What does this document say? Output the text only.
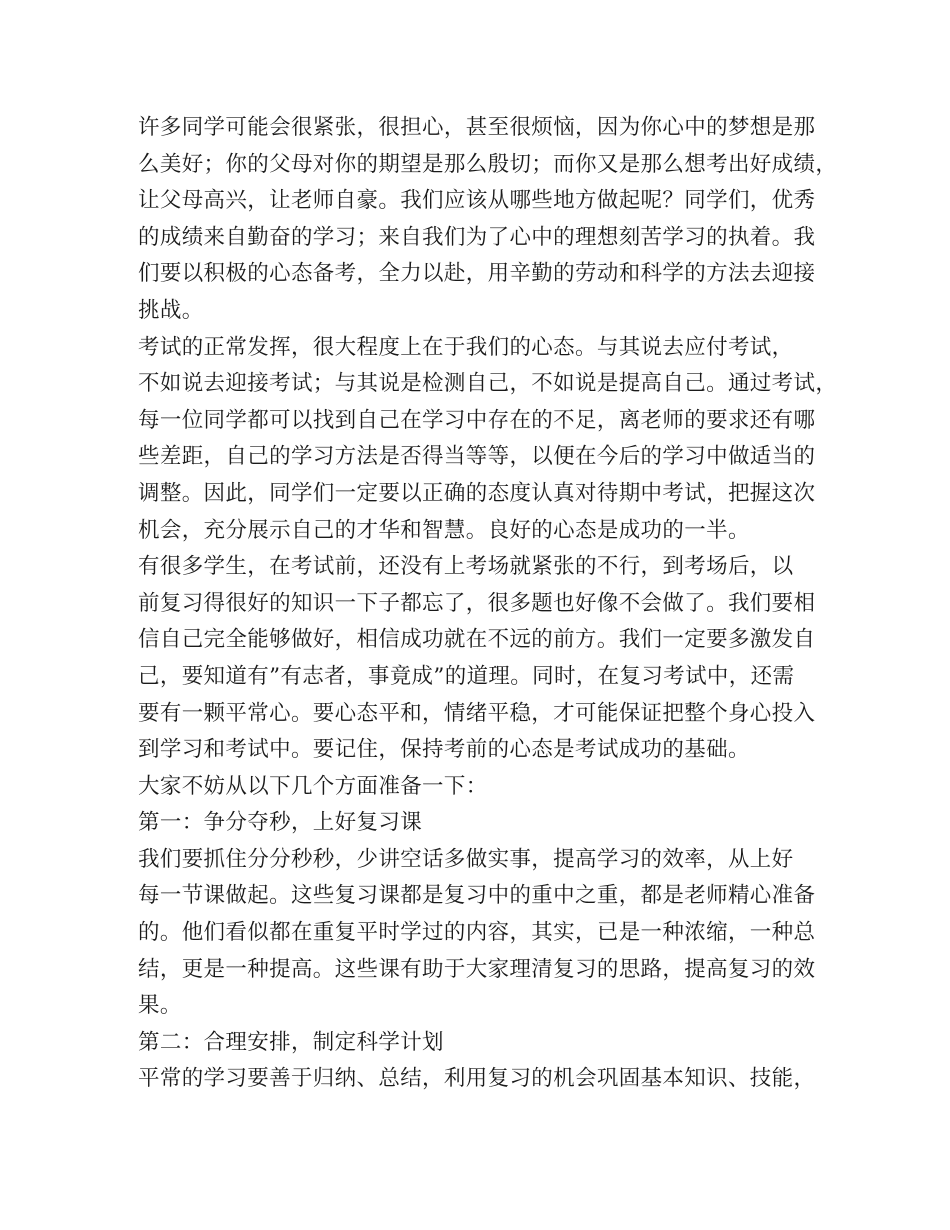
许多同学可能会很紧张，很担心，甚至很烦恼，因为你心中的梦想是那
么美好；你的父母对你的期望是那么殷切；而你又是那么想考出好成绩，
让父母高兴，让老师自豪。我们应该从哪些地方做起呢？同学们，优秀
的成绩来自勤奋的学习；来自我们为了心中的理想刻苦学习的执着。我
们要以积极的心态备考，全力以赴，用辛勤的劳动和科学的方法去迎接
挑战。
考试的正常发挥，很大程度上在于我们的心态。与其说去应付考试，
不如说去迎接考试；与其说是检测自己，不如说是提高自己。通过考试，
每一位同学都可以找到自己在学习中存在的不足，离老师的要求还有哪
些差距，自己的学习方法是否得当等等，以便在今后的学习中做适当的
调整。因此，同学们一定要以正确的态度认真对待期中考试，把握这次
机会，充分展示自己的才华和智慧。良好的心态是成功的一半。
有很多学生，在考试前，还没有上考场就紧张的不行，到考场后，以
前复习得很好的知识一下子都忘了，很多题也好像不会做了。我们要相
信自己完全能够做好，相信成功就在不远的前方。我们一定要多激发自
己，要知道有”有志者，事竟成”的道理。同时，在复习考试中，还需
要有一颗平常心。要心态平和，情绪平稳，才可能保证把整个身心投入
到学习和考试中。要记住，保持考前的心态是考试成功的基础。
大家不妨从以下几个方面准备一下：
第一：争分夺秒，上好复习课
我们要抓住分分秒秒，少讲空话多做实事，提高学习的效率，从上好
每一节课做起。这些复习课都是复习中的重中之重，都是老师精心准备
的。他们看似都在重复平时学过的内容，其实，已是一种浓缩，一种总
结，更是一种提高。这些课有助于大家理清复习的思路，提高复习的效
果。
第二：合理安排，制定科学计划
平常的学习要善于归纳、总结，利用复习的机会巩固基本知识、技能，
